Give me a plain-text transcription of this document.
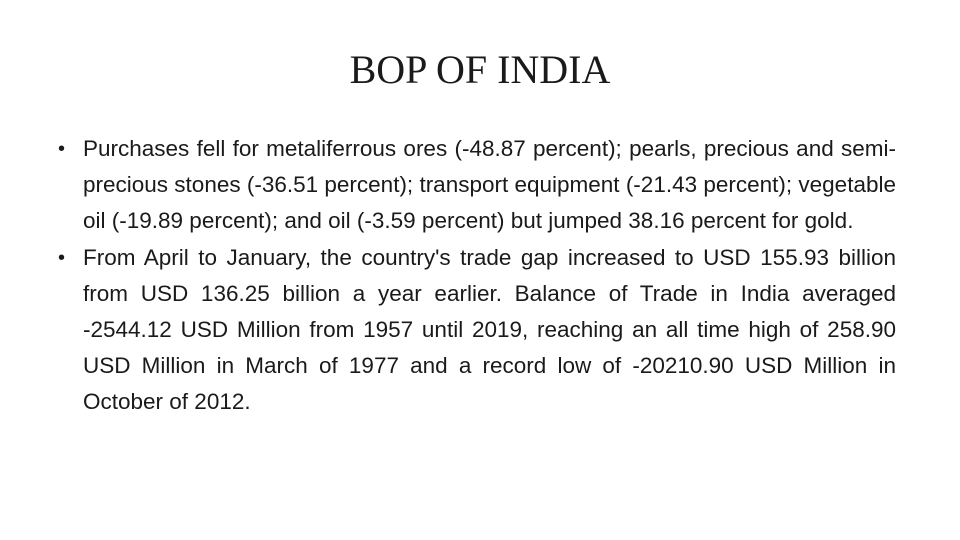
BOP OF INDIA
• Purchases fell for metaliferrous ores (-48.87 percent); pearls, precious and semi-precious stones (-36.51 percent); transport equipment (-21.43 percent); vegetable oil (-19.89 percent); and oil (-3.59 percent) but jumped 38.16 percent for gold.
• From April to January, the country's trade gap increased to USD 155.93 billion from USD 136.25 billion a year earlier. Balance of Trade in India averaged -2544.12 USD Million from 1957 until 2019, reaching an all time high of 258.90 USD Million in March of 1977 and a record low of -20210.90 USD Million in October of 2012.
